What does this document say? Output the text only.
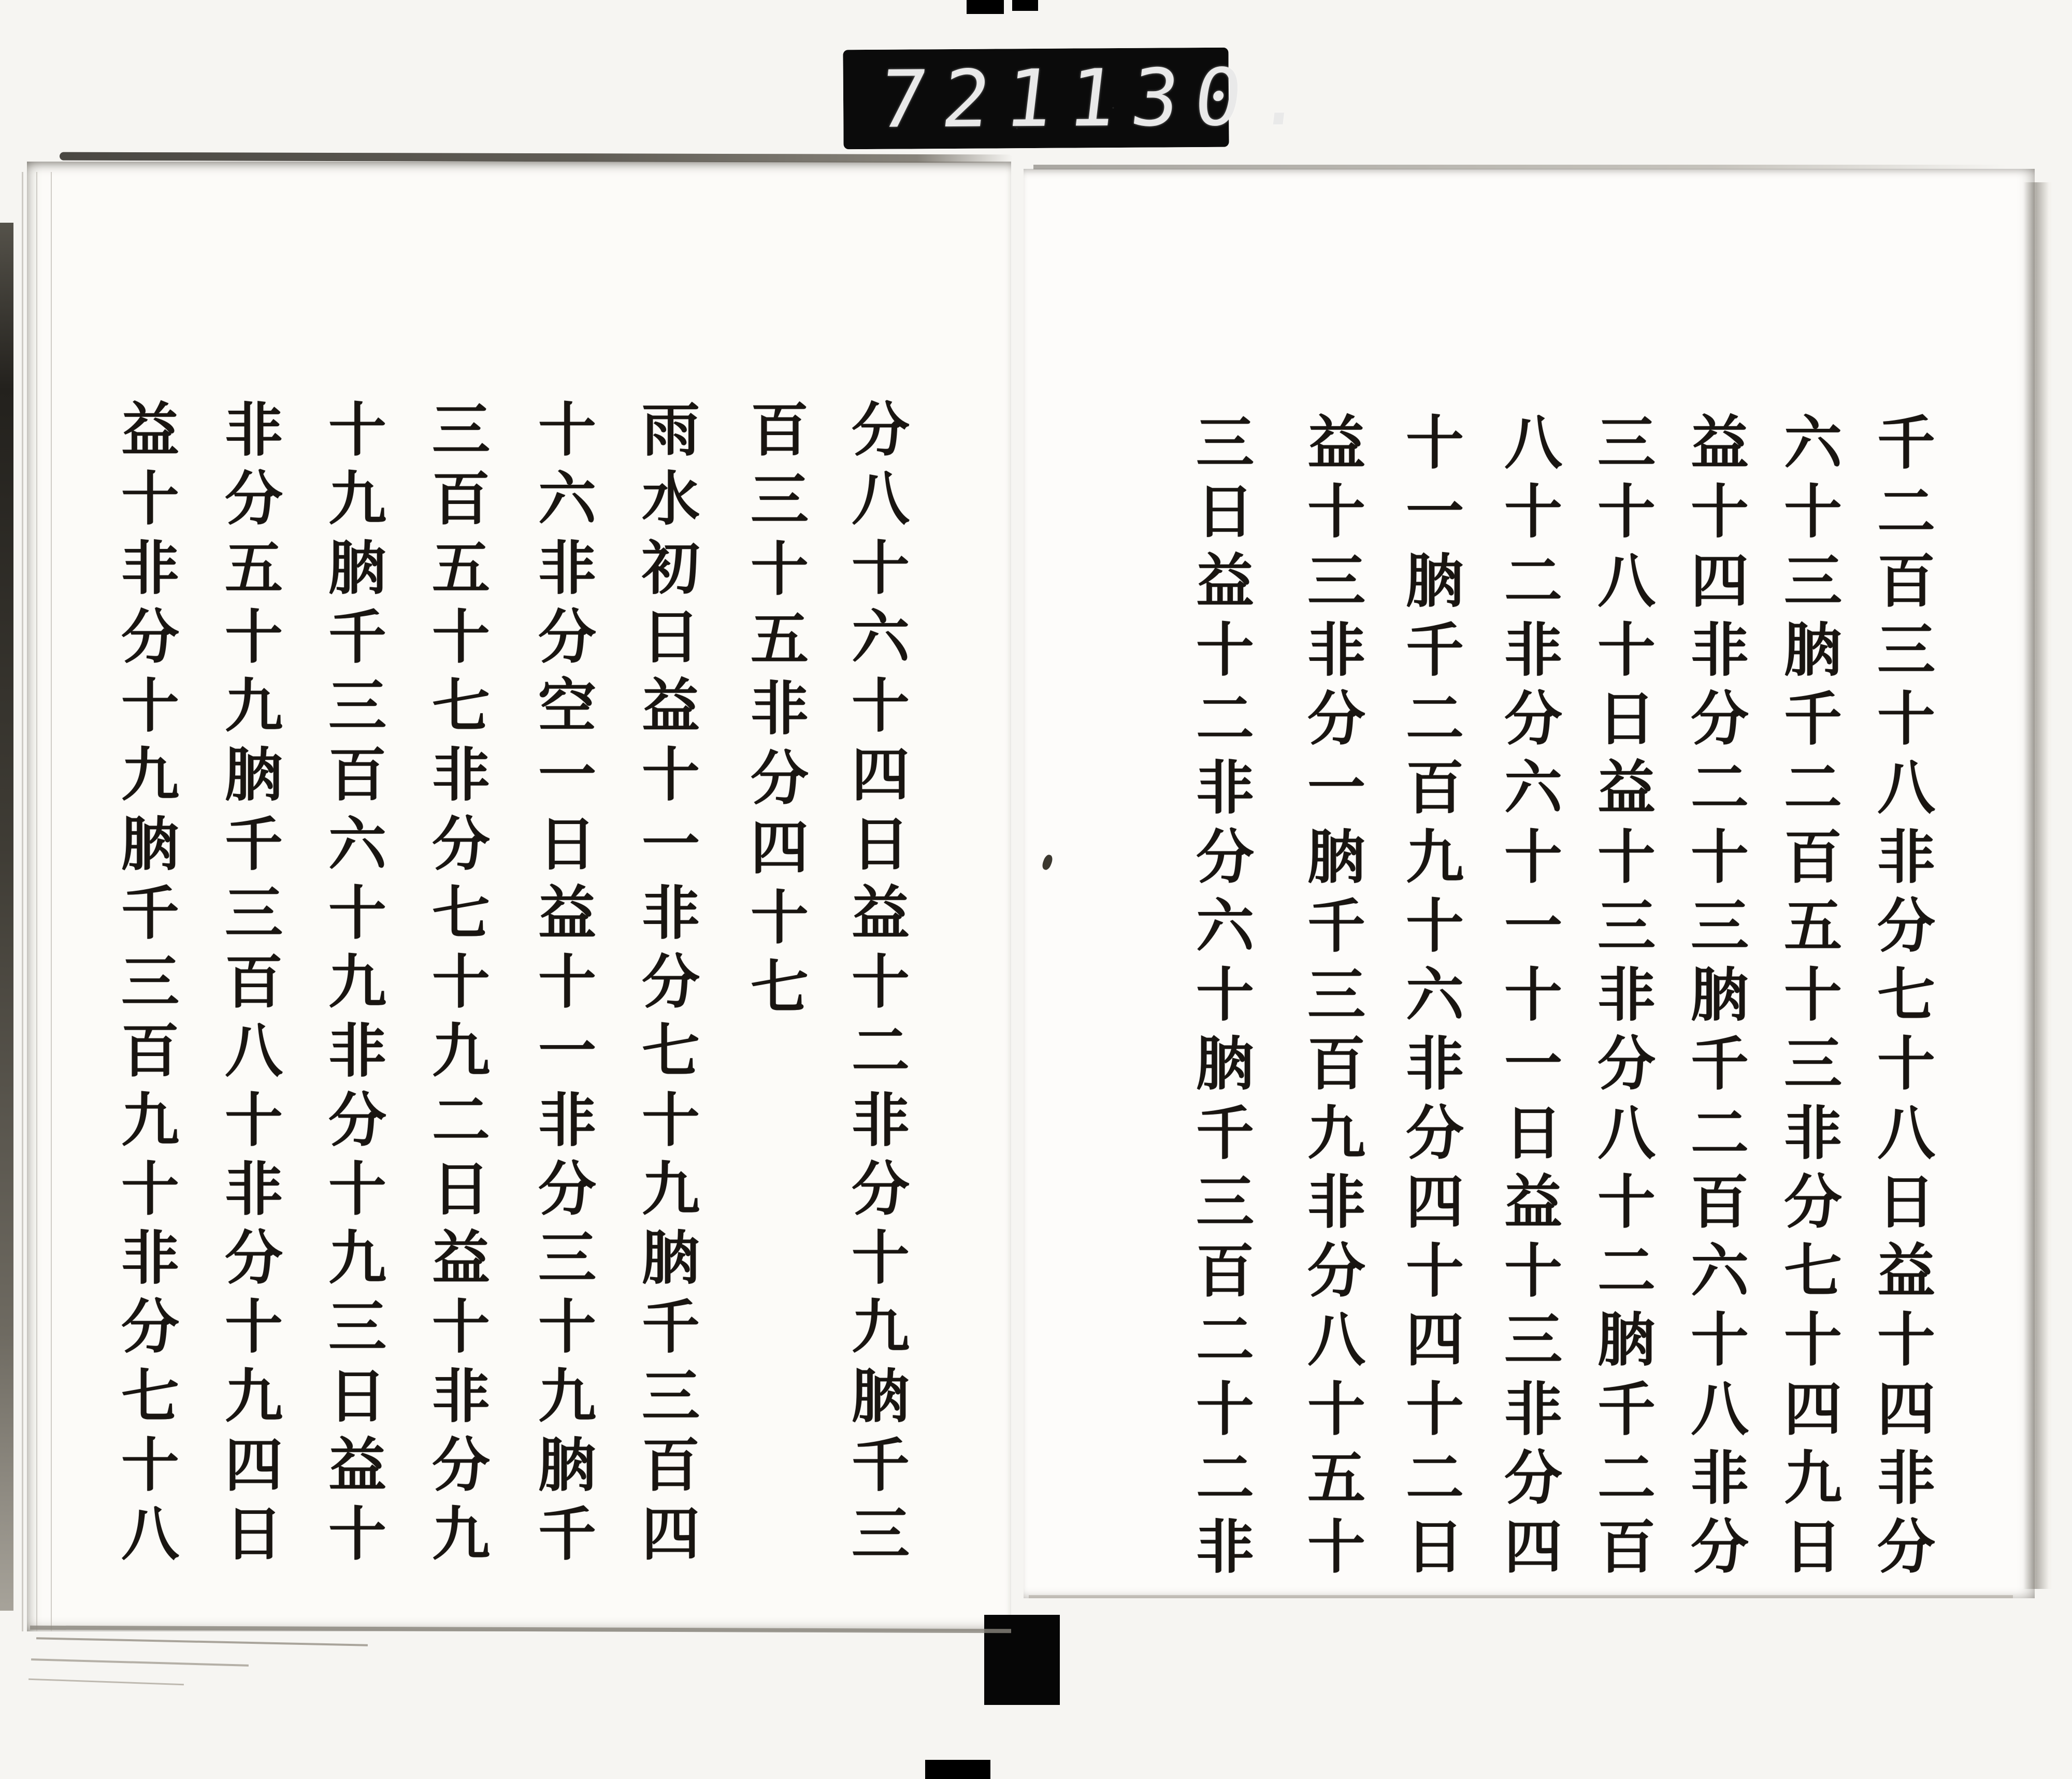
721
130.
千
二
百
三
十
八
非
分
七
十
八
日
益
十
四
非
分
六
十
三
朒
千
二
百
五
十
三
非
分
七
十
四
九
日
益
十
四
非
分
二
十
三
朒
千
二
百
六
十
八
非
分
三
十
八
十
日
益
十
三
非
分
八
十
二
朒
千
二
百
八
十
二
非
分
六
十
一
十
一
日
益
十
三
非
分
四
十
一
朒
千
二
百
九
十
六
非
分
四
十
四
十
二
日
益
十
三
非
分
一
朒
千
三
百
九
非
分
八
十
五
十
三
日
益
十
二
非
分
六
十
朒
千
三
百
二
十
二
非
分
八
十
六
十
四
日
益
十
二
非
分
十
九
朒
千
三
百
三
十
五
非
分
四
十
七
雨
水
初
日
益
十
一
非
分
七
十
九
朒
千
三
百
四
十
六
非
分
空
一
日
益
十
一
非
分
三
十
九
朒
千
三
百
五
十
七
非
分
七
十
九
二
日
益
十
非
分
九
十
九
朒
千
三
百
六
十
九
非
分
十
九
三
日
益
十
非
分
五
十
九
朒
千
三
百
八
十
非
分
十
九
四
日
益
十
非
分
十
九
朒
千
三
百
九
十
非
分
七
十
八
